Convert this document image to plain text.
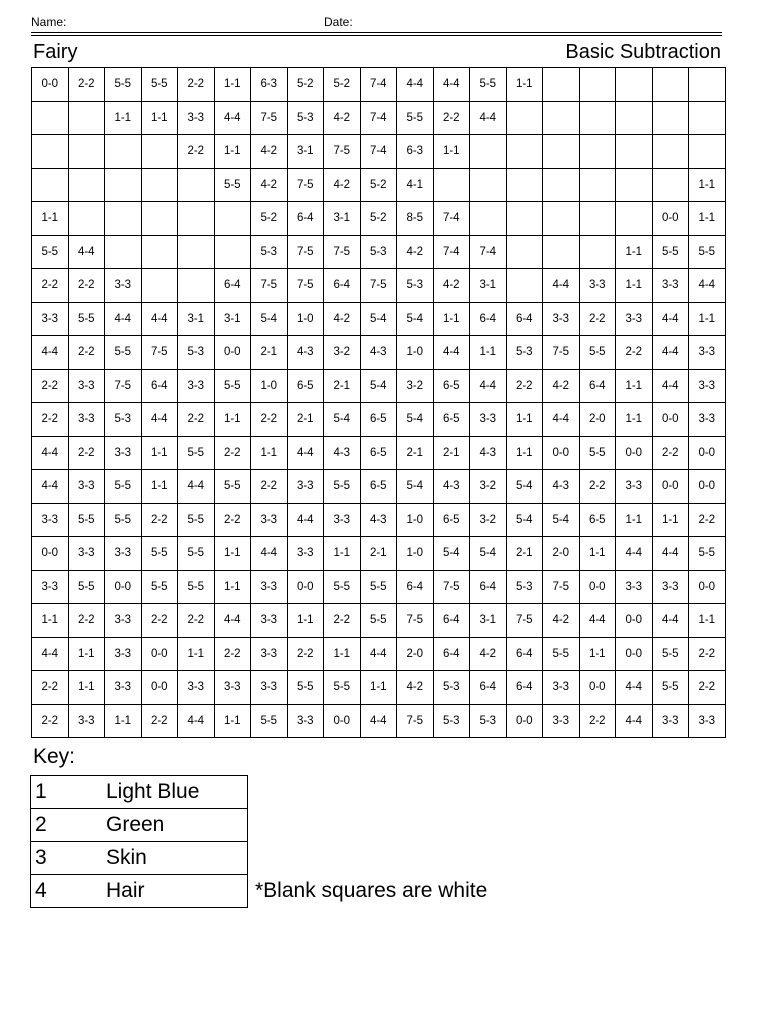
Name:	Date:
Fairy	Basic Subtraction
0-0	2-2	5-5	5-5	2-2	1-1	6-3	5-2	5-2	7-4	4-4	4-4	5-5	1-1					
		1-1	1-1	3-3	4-4	7-5	5-3	4-2	7-4	5-5	2-2	4-4						
				2-2	1-1	4-2	3-1	7-5	7-4	6-3	1-1							
					5-5	4-2	7-5	4-2	5-2	4-1								1-1
1-1						5-2	6-4	3-1	5-2	8-5	7-4						0-0	1-1
5-5	4-4					5-3	7-5	7-5	5-3	4-2	7-4	7-4				1-1	5-5	5-5
2-2	2-2	3-3			6-4	7-5	7-5	6-4	7-5	5-3	4-2	3-1		4-4	3-3	1-1	3-3	4-4
3-3	5-5	4-4	4-4	3-1	3-1	5-4	1-0	4-2	5-4	5-4	1-1	6-4	6-4	3-3	2-2	3-3	4-4	1-1
4-4	2-2	5-5	7-5	5-3	0-0	2-1	4-3	3-2	4-3	1-0	4-4	1-1	5-3	7-5	5-5	2-2	4-4	3-3
2-2	3-3	7-5	6-4	3-3	5-5	1-0	6-5	2-1	5-4	3-2	6-5	4-4	2-2	4-2	6-4	1-1	4-4	3-3
2-2	3-3	5-3	4-4	2-2	1-1	2-2	2-1	5-4	6-5	5-4	6-5	3-3	1-1	4-4	2-0	1-1	0-0	3-3
4-4	2-2	3-3	1-1	5-5	2-2	1-1	4-4	4-3	6-5	2-1	2-1	4-3	1-1	0-0	5-5	0-0	2-2	0-0
4-4	3-3	5-5	1-1	4-4	5-5	2-2	3-3	5-5	6-5	5-4	4-3	3-2	5-4	4-3	2-2	3-3	0-0	0-0
3-3	5-5	5-5	2-2	5-5	2-2	3-3	4-4	3-3	4-3	1-0	6-5	3-2	5-4	5-4	6-5	1-1	1-1	2-2
0-0	3-3	3-3	5-5	5-5	1-1	4-4	3-3	1-1	2-1	1-0	5-4	5-4	2-1	2-0	1-1	4-4	4-4	5-5
3-3	5-5	0-0	5-5	5-5	1-1	3-3	0-0	5-5	5-5	6-4	7-5	6-4	5-3	7-5	0-0	3-3	3-3	0-0
1-1	2-2	3-3	2-2	2-2	4-4	3-3	1-1	2-2	5-5	7-5	6-4	3-1	7-5	4-2	4-4	0-0	4-4	1-1
4-4	1-1	3-3	0-0	1-1	2-2	3-3	2-2	1-1	4-4	2-0	6-4	4-2	6-4	5-5	1-1	0-0	5-5	2-2
2-2	1-1	3-3	0-0	3-3	3-3	3-3	5-5	5-5	1-1	4-2	5-3	6-4	6-4	3-3	0-0	4-4	5-5	2-2
2-2	3-3	1-1	2-2	4-4	1-1	5-5	3-3	0-0	4-4	7-5	5-3	5-3	0-0	3-3	2-2	4-4	3-3	3-3
Key:
1	Light Blue
2	Green
3	Skin
4	Hair	*Blank squares are white
